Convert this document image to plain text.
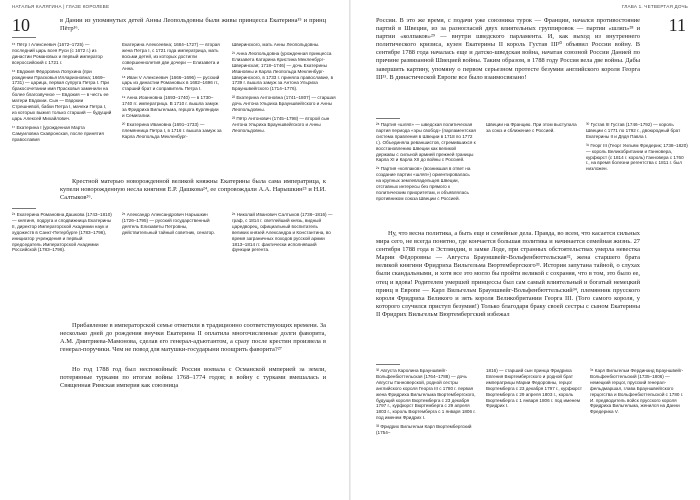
НАТАЛЬЯ КАЛЯГИНА | ГЛАЗЕ КОРОЛЕВЕ
10	в Дании из упомянутых детей Анны Леопольдовны были живы принцесса Екатерина¹⁵ и принц Пётр¹⁶.

¹⁵ Пётр I Алексеевич (1672–1725) — последний царь всея Руси (с 1672 г.) из династии Романовых и первый император всероссийский с 1721 г.

¹⁶ Евдокия Фёдоровна Лопухина (при рождении Прасковья Илларионовна; 1669–1731) — царица, первая супруга Петра I. При бракосочетании имя Прасковья заменили на более благозвучное — Евдокия — в честь ее матери Евдокии. Сын — Евдокии Стрешневой, бабки Петра I, мачехи Петра I, из которых выжил только старший — будущий царь Алексей Михайлович.

¹⁷ Екатерина I (урожденная Марта Самуиловна Скавронская, после принятия православия

Екатерина Алексеевна; 1684–1727) — вторая жена Петра I, с 1721 года императрица, мать восьми детей, из которых достигли совершеннолетия две дочери — Елизавета и Анна.

¹⁸ Иван V Алексеевич (1666–1696) — русский царь из династии Романовых в 1682–1696 гг., старший брат и соправитель Петра I.

¹⁹ Анна Иоанновна (1693–1740) — в 1730–1740 гг. императрица. В 1710 г. вышла замуж за Фридриха Вильгельма, герцога Курляндии и Семигалии.

²⁰ Екатерина Ивановна (1691–1733) — племянница Петра I, в 1716 г. вышла замуж за Карла Леопольда Мекленбург-

Шверинского, мать Анны Леопольдовны.

²¹ Анна Леопольдовна (урожденная принцесса Елизавета Катарина Кристина Мекленбург-Шверинская; 1718–1746) — дочь Екатерины Ивановны и Карла Леопольда Мекленбург-Шверинского, в 1733 г. приняла православие, в 1739 г. вышла замуж за Антона Ульриха Брауншвейгского (1714–1776).

²² Екатерина Антоновна (1741–1807) — старшая дочь Антона Ульриха Брауншвейгского и Анны Леопольдовны.

²³ Пётр Антонович (1745–1798) — второй сын Антона Ульриха Брауншвейгского и Анны Леопольдовны.

Крестной матерью новорожденной великой княжны Екатерины была сама императрица, к купели новорожденную несла княгиня Е.Р. Дашкова²⁴, ее сопровождали А.А. Нарышкин²⁵ и Н.И. Салтыков²⁶.

²⁴ Екатерина Романовна Дашкова (1743–1810) — княгиня, подруга и сподвижница Екатерины II, директор Императорской Академии наук и художеств в Санкт-Петербурге (1783–1796), инициатор учреждения и первый председатель Императорской Академии Российской (1783–1796).

²⁵ Александр Александрович Нарышкин (1726–1795) — русский государственный деятель Елизаветы Петровны, действительный тайный советник, сенатор.

²⁶ Николай Иванович Салтыков (1736–1816) — граф, с 1814 г. светлейший князь, видный царедворец, официальный воспитатель великих князей Александра и Константина, во время заграничных походов русской армии 1813–1814 гг. фактически исполнявший функции регента.

Прибавление в императорской семье отметили в традиционно соответствующих времени. За несколько дней до рождения внучки Екатерина II оплатила многочисленные долги фаворита, А.М. Дмитриева-Мамонова, сделав его генерал-адъютантом, а сразу после крестин произвела в генерал-поручики. Чем не повод для матушки-государыни поощрить фаворита?²⁷

Но год 1788 год был неспокойный: Россия воевала с Османской империей за земли, потерянные турками по итогам войны 1768–1774 годов; в войну с турками вмешалась и Священная Римская империя как союзница

ГЛАВА 1. ЧЕТВЕРТАЯ ДОЧЬ
11

России. В это же время, с подачи уже союзника турок — Франции, начался противостояние партий в Швеции, из за разногласий двух влиятельных группировок — партии «шляп»²⁸ и партии «колпаков»²⁹ — внутри шведского парламента. И, как выход из внутреннего политического кризиса, кузен Екатерины II король Густав III³⁰ объявил России войну. В сентябре 1788 года началась еще и датско-шведская война, начатая союзной России Данией по причине развязанной Швецией войны. Таким образом, в 1788 году Россия вела две войны. Дабы завершить картину, упомяну о первом серьезном протесте безумии английского короля Георга III³¹. В династической Европе все было взаимосвязано!

²⁸ Партия «шляп» — шведская политическая партия периода «эры свобод» (парламентская система правления в Швеции в 1718 по 1772 г.). Объединяла реваншистов, стремившихся к восстановлению Швеции как великой державы с сильной армией прежней границы Карла XI и Карла XII до войны с Россией.

²⁹ Партия «колпаков» (возникшая в ответ на создание партии «шляп») ориентировалась на крупных землевладельцев Швеции, отставных интересы без прямого к политическим приоритетам, и объявлялась противником союза Швеции с Россией.

Швеции на Францию. При этом выступала за союз и сближение с Россией.

³⁰ Густав III Густав (1746–1792) — король Швеции с 1771 по 1792 г., двоюродный брат Екатерины II и Дядя Павла I.

³¹ Георг III (Георг Уильям Фредерик; 1738–1820) — король Великобритании и Ганновера, курфюрст (с 1814 г. король) Ганновера с 1760 г., на время болезни регентства с 1811 г. был низложен.

Ну, что весна политика, а быть еще и семейные дела. Правда, во всем, что касается сильных мира сего, не всегда понятно, где кончается большая политика и начинается семейная жизнь. 27 сентября 1788 года в Эстляндии, в замке Лоде, при странных обстоятельствах умерла невестка Марии Фёдоровны — Августа Брауншвейг-Вольфенбюттельская³², жена старшего брата великой княгини Фридриха Вильгельма Вюртембергского³³. История запутана тайной, о слухах были скандальными, и хотя все это могло бы пройти великой с сохраняя, что в том, это было ее, отец и вдова! Родителем умершей принцессы был сам самый влиятельный и богатый немецкий принц в Европе — Карл Вильгельм Брауншвейг-Вольфенбюттельский³⁴, племянник прусского короля Фридриха Великого и зять короля Великобритании Георга III. (Того самого короля, у которого случился приступ безумия!) Только благодаря браку своей сестры с сыном Екатерины II Фридрих Вильгельм Вюртембергский избежал

³² Августа Каролина Брауншвейг-Вольфенбюттельская (1764–1788) — дочь Августы Ганноверской, родной сестры английского короля Георга III с 1780 г. первая жена Фридриха Вильгельма Вюртембергского, будущий короля Вюртемберга с 23 декабря 1797 г., курфюрст Вюртемберга с 29 апреля 1803 г., король Вюртемберга с 1 января 1806 г. под именем Фридрих I.

³³ Фридрих Вильгельм Карл Вюртембергский (1754–

1816) — старший сын принца Фридриха Евгения Вюртембергского и родной брат императрицы Марии Федоровны, герцог Вюртемберга с 23 декабря 1797 г., курфюрст Вюртемберга с 29 апреля 1803 г., король Вюртемберга с 1 января 1806 г. под именем Фридрих I.

³⁴ Карл Вильгельм Фердинанд Брауншвейг-Вольфенбюттельский (1735–1806) — немецкий герцог, прусский генерал-фельдмаршал, глава Брауншвейгского герцогства и Вольфенбюттельской с 1780 г. И. предводитель войск прусского короля Фридриха Вильгельма, женился на Данни Фредерика V.
